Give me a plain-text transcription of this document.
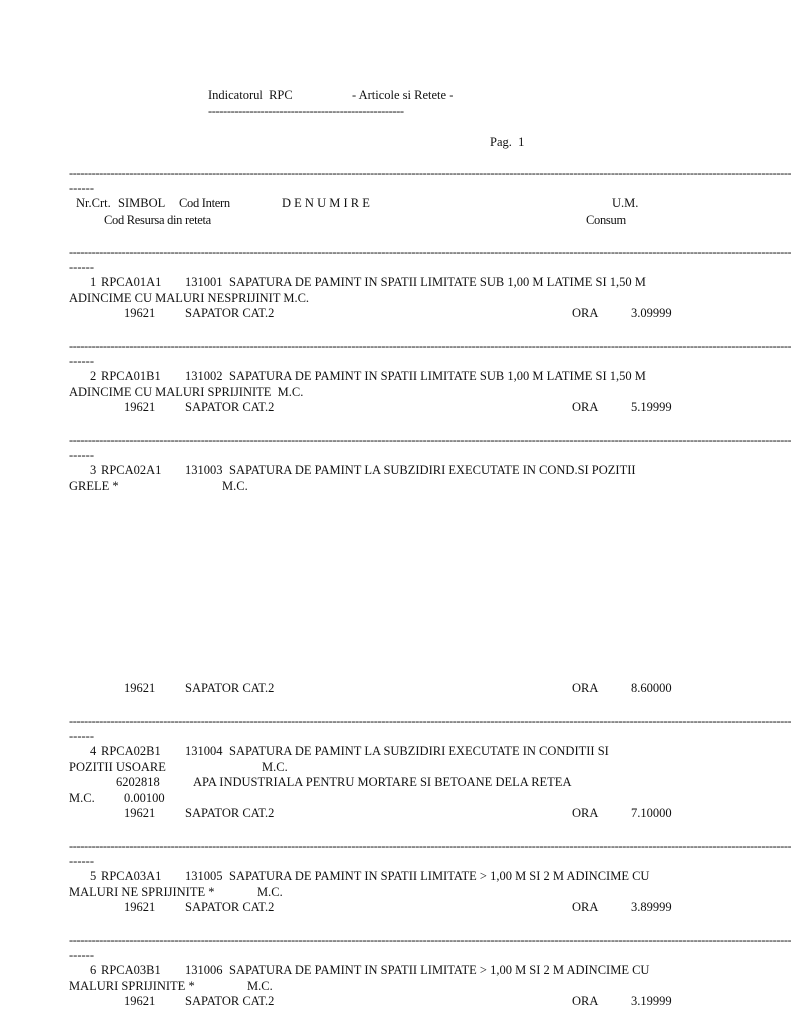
Indicatorul  RPC	- Articole si Retete -
----------------------------------------------------
Pag.  1
------------------------------------------------------------------------------------------------------------------------------------------------------------------------------------------------
------
Nr.Crt. SIMBOL Cod Intern	D E N U M I R E	U.M.
Cod Resursa din reteta	Consum
------------------------------------------------------------------------------------------------------------------------------------------------------------------------------------------------
------
1 RPCA01A1 131001 SAPATURA DE PAMINT IN SPATII LIMITATE SUB 1,00 M LATIME SI 1,50 M
ADINCIME CU MALURI NESPRIJINIT M.C.
19621 SAPATOR CAT.2	ORA	3.09999
------------------------------------------------------------------------------------------------------------------------------------------------------------------------------------------------
------
2 RPCA01B1 131002 SAPATURA DE PAMINT IN SPATII LIMITATE SUB 1,00 M LATIME SI 1,50 M
ADINCIME CU MALURI SPRIJINITE  M.C.
19621 SAPATOR CAT.2	ORA	5.19999
------------------------------------------------------------------------------------------------------------------------------------------------------------------------------------------------
------
3 RPCA02A1 131003 SAPATURA DE PAMINT LA SUBZIDIRI EXECUTATE IN COND.SI POZITII
GRELE *	M.C.
19621 SAPATOR CAT.2	ORA	8.60000
------------------------------------------------------------------------------------------------------------------------------------------------------------------------------------------------
------
4 RPCA02B1 131004 SAPATURA DE PAMINT LA SUBZIDIRI EXECUTATE IN CONDITII SI
POZITII USOARE	M.C.
6202818	APA INDUSTRIALA PENTRU MORTARE SI BETOANE DELA RETEA
M.C. 0.00100
19621 SAPATOR CAT.2	ORA	7.10000
------------------------------------------------------------------------------------------------------------------------------------------------------------------------------------------------
------
5 RPCA03A1 131005 SAPATURA DE PAMINT IN SPATII LIMITATE > 1,00 M SI 2 M ADINCIME CU
MALURI NE SPRIJINITE *	M.C.
19621 SAPATOR CAT.2	ORA	3.89999
------------------------------------------------------------------------------------------------------------------------------------------------------------------------------------------------
------
6 RPCA03B1 131006 SAPATURA DE PAMINT IN SPATII LIMITATE > 1,00 M SI 2 M ADINCIME CU
MALURI SPRIJINITE *	M.C.
19621 SAPATOR CAT.2	ORA	3.19999
